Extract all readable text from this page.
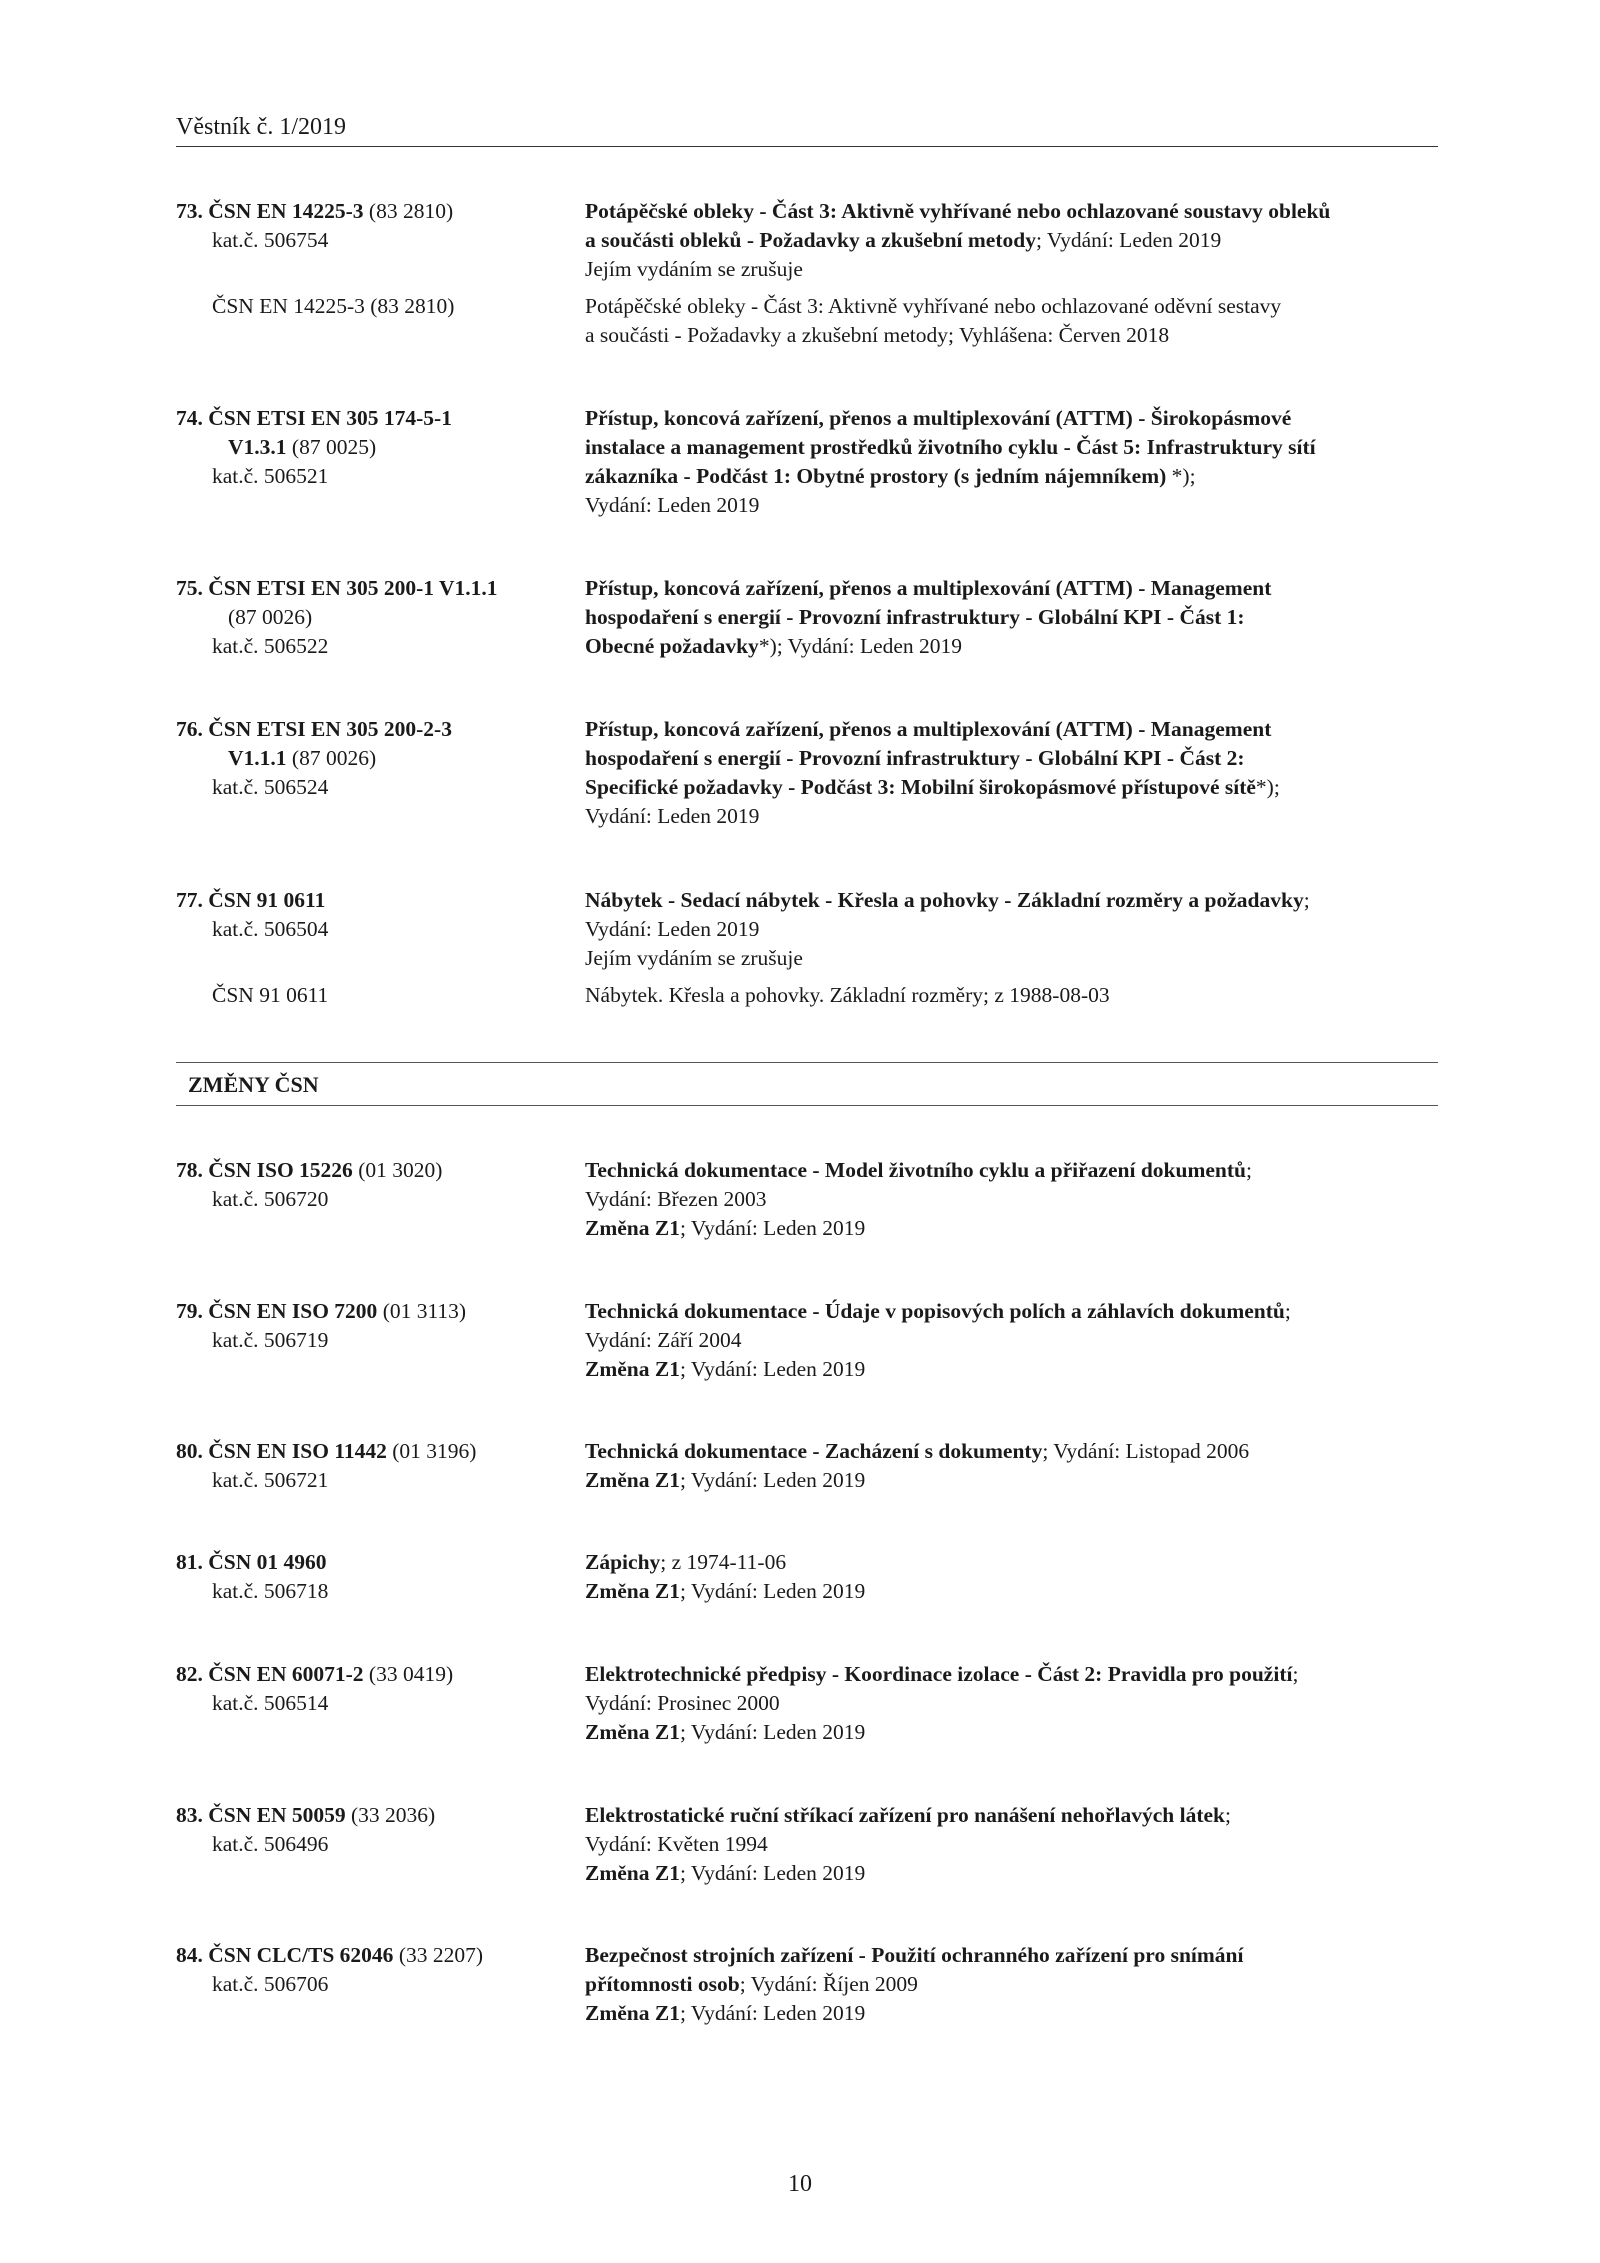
Věstník č. 1/2019
73. ČSN EN 14225-3 (83 2810)
kat.č. 506754
Potápěčské obleky - Část 3: Aktivně vyhřívané nebo ochlazované soustavy obleků
a součásti obleků - Požadavky a zkušební metody; Vydání: Leden 2019
Jejím vydáním se zrušuje
ČSN EN 14225-3 (83 2810)	Potápěčské obleky - Část 3: Aktivně vyhřívané nebo ochlazované oděvní sestavy
a součásti - Požadavky a zkušební metody; Vyhlášena: Červen 2018
74. ČSN ETSI EN 305 174-5-1
V1.3.1 (87 0025)
kat.č. 506521
Přístup, koncová zařízení, přenos a multiplexování (ATTM) - Širokopásmové
instalace a management prostředků životního cyklu - Část 5: Infrastruktury sítí
zákazníka - Podčást 1: Obytné prostory (s jedním nájemníkem) *);
Vydání: Leden 2019
75. ČSN ETSI EN 305 200-1 V1.1.1
(87 0026)
kat.č. 506522
Přístup, koncová zařízení, přenos a multiplexování (ATTM) - Management
hospodaření s energií - Provozní infrastruktury - Globální KPI - Část 1:
Obecné požadavky*); Vydání: Leden 2019
76. ČSN ETSI EN 305 200-2-3
V1.1.1 (87 0026)
kat.č. 506524
Přístup, koncová zařízení, přenos a multiplexování (ATTM) - Management
hospodaření s energií - Provozní infrastruktury - Globální KPI - Část 2:
Specifické požadavky - Podčást 3: Mobilní širokopásmové přístupové sítě*);
Vydání: Leden 2019
77. ČSN 91 0611
kat.č. 506504
Nábytek - Sedací nábytek - Křesla a pohovky - Základní rozměry a požadavky;
Vydání: Leden 2019
Jejím vydáním se zrušuje
ČSN 91 0611	Nábytek. Křesla a pohovky. Základní rozměry; z 1988-08-03
ZMĚNY ČSN
78. ČSN ISO 15226 (01 3020)
kat.č. 506720
Technická dokumentace - Model životního cyklu a přiřazení dokumentů;
Vydání: Březen 2003
Změna Z1; Vydání: Leden 2019
79. ČSN EN ISO 7200 (01 3113)
kat.č. 506719
Technická dokumentace - Údaje v popisových polích a záhlavích dokumentů;
Vydání: Září 2004
Změna Z1; Vydání: Leden 2019
80. ČSN EN ISO 11442 (01 3196)
kat.č. 506721
Technická dokumentace - Zacházení s dokumenty; Vydání: Listopad 2006
Změna Z1; Vydání: Leden 2019
81. ČSN 01 4960
kat.č. 506718
Zápichy; z 1974-11-06
Změna Z1; Vydání: Leden 2019
82. ČSN EN 60071-2 (33 0419)
kat.č. 506514
Elektrotechnické předpisy - Koordinace izolace - Část 2: Pravidla pro použití;
Vydání: Prosinec 2000
Změna Z1; Vydání: Leden 2019
83. ČSN EN 50059 (33 2036)
kat.č. 506496
Elektrostatické ruční stříkací zařízení pro nanášení nehořlavých látek;
Vydání: Květen 1994
Změna Z1; Vydání: Leden 2019
84. ČSN CLC/TS 62046 (33 2207)
kat.č. 506706
Bezpečnost strojních zařízení - Použití ochranného zařízení pro snímání
přítomnosti osob; Vydání: Říjen 2009
Změna Z1; Vydání: Leden 2019
10
